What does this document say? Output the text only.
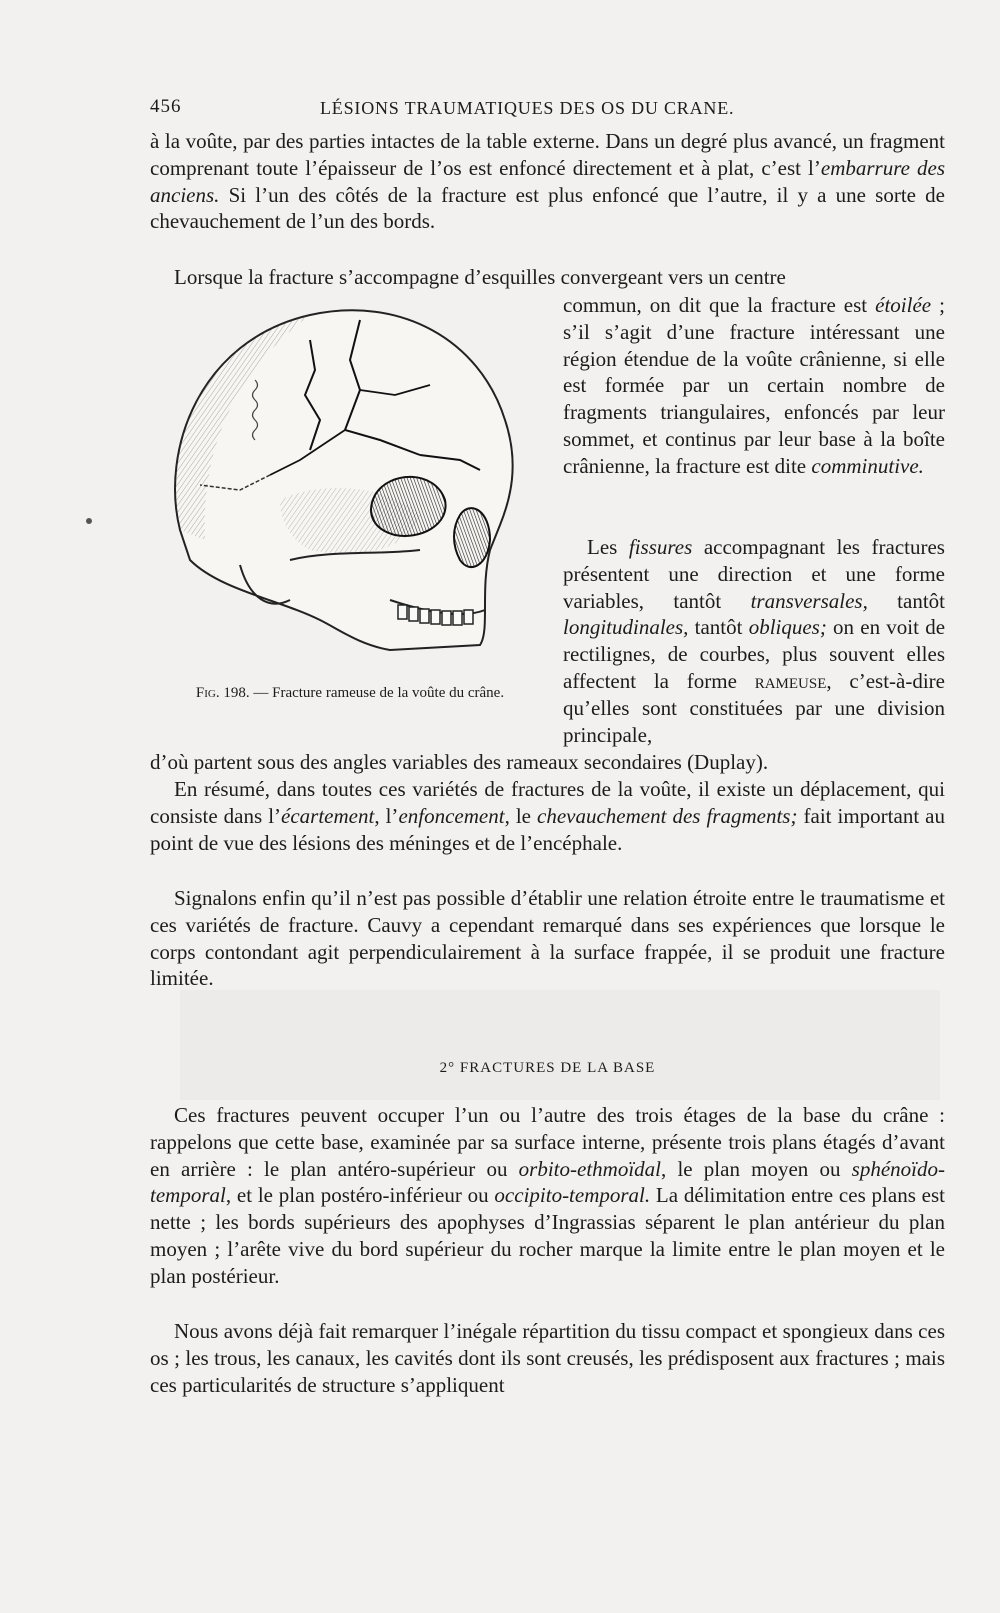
456	LÉSIONS TRAUMATIQUES DES OS DU CRANE.

à la voûte, par des parties intactes de la table externe. Dans un degré plus avancé, un fragment comprenant toute l’épaisseur de l’os est enfoncé directement et à plat, c’est l’embarrure des anciens. Si l’un des côtés de la fracture est plus enfoncé que l’autre, il y a une sorte de chevauchement de l’un des bords.

Lorsque la fracture s’accompagne d’esquilles convergeant vers un centre

commun, on dit que la fracture est étoilée ; s’il s’agit d’une fracture intéressant une région étendue de la voûte crânienne, si elle est formée par un certain nombre de fragments triangulaires, enfoncés par leur sommet, et continus par leur base à la boîte crânienne, la fracture est dite comminutive.

Les fissures accompagnant les fractures présentent une direction et une forme variables, tantôt transversales, tantôt longitudinales, tantôt obliques; on en voit de rectilignes, de courbes, plus souvent elles affectent la forme rameuse, c’est-à-dire qu’elles sont constituées par une division principale,

d’où partent sous des angles variables des rameaux secondaires (Duplay).

En résumé, dans toutes ces variétés de fractures de la voûte, il existe un déplacement, qui consiste dans l’écartement, l’enfoncement, le chevauchement des fragments; fait important au point de vue des lésions des méninges et de l’encéphale.

Signalons enfin qu’il n’est pas possible d’établir une relation étroite entre le traumatisme et ces variétés de fracture. Cauvy a cependant remarqué dans ses expériences que lorsque le corps contondant agit perpendiculairement à la surface frappée, il se produit une fracture limitée.

2° FRACTURES DE LA BASE

Ces fractures peuvent occuper l’un ou l’autre des trois étages de la base du crâne : rappelons que cette base, examinée par sa surface interne, présente trois plans étagés d’avant en arrière : le plan antéro-supérieur ou orbito-ethmoïdal, le plan moyen ou sphénoïdo-temporal, et le plan postéro-inférieur ou occipito-temporal. La délimitation entre ces plans est nette ; les bords supérieurs des apophyses d’Ingrassias séparent le plan antérieur du plan moyen ; l’arête vive du bord supérieur du rocher marque la limite entre le plan moyen et le plan postérieur.

Nous avons déjà fait remarquer l’inégale répartition du tissu compact et spongieux dans ces os ; les trous, les canaux, les cavités dont ils sont creusés, les prédisposent aux fractures ; mais ces particularités de structure s’appliquent

Fig. 198. — Fracture rameuse de la voûte du crâne.
